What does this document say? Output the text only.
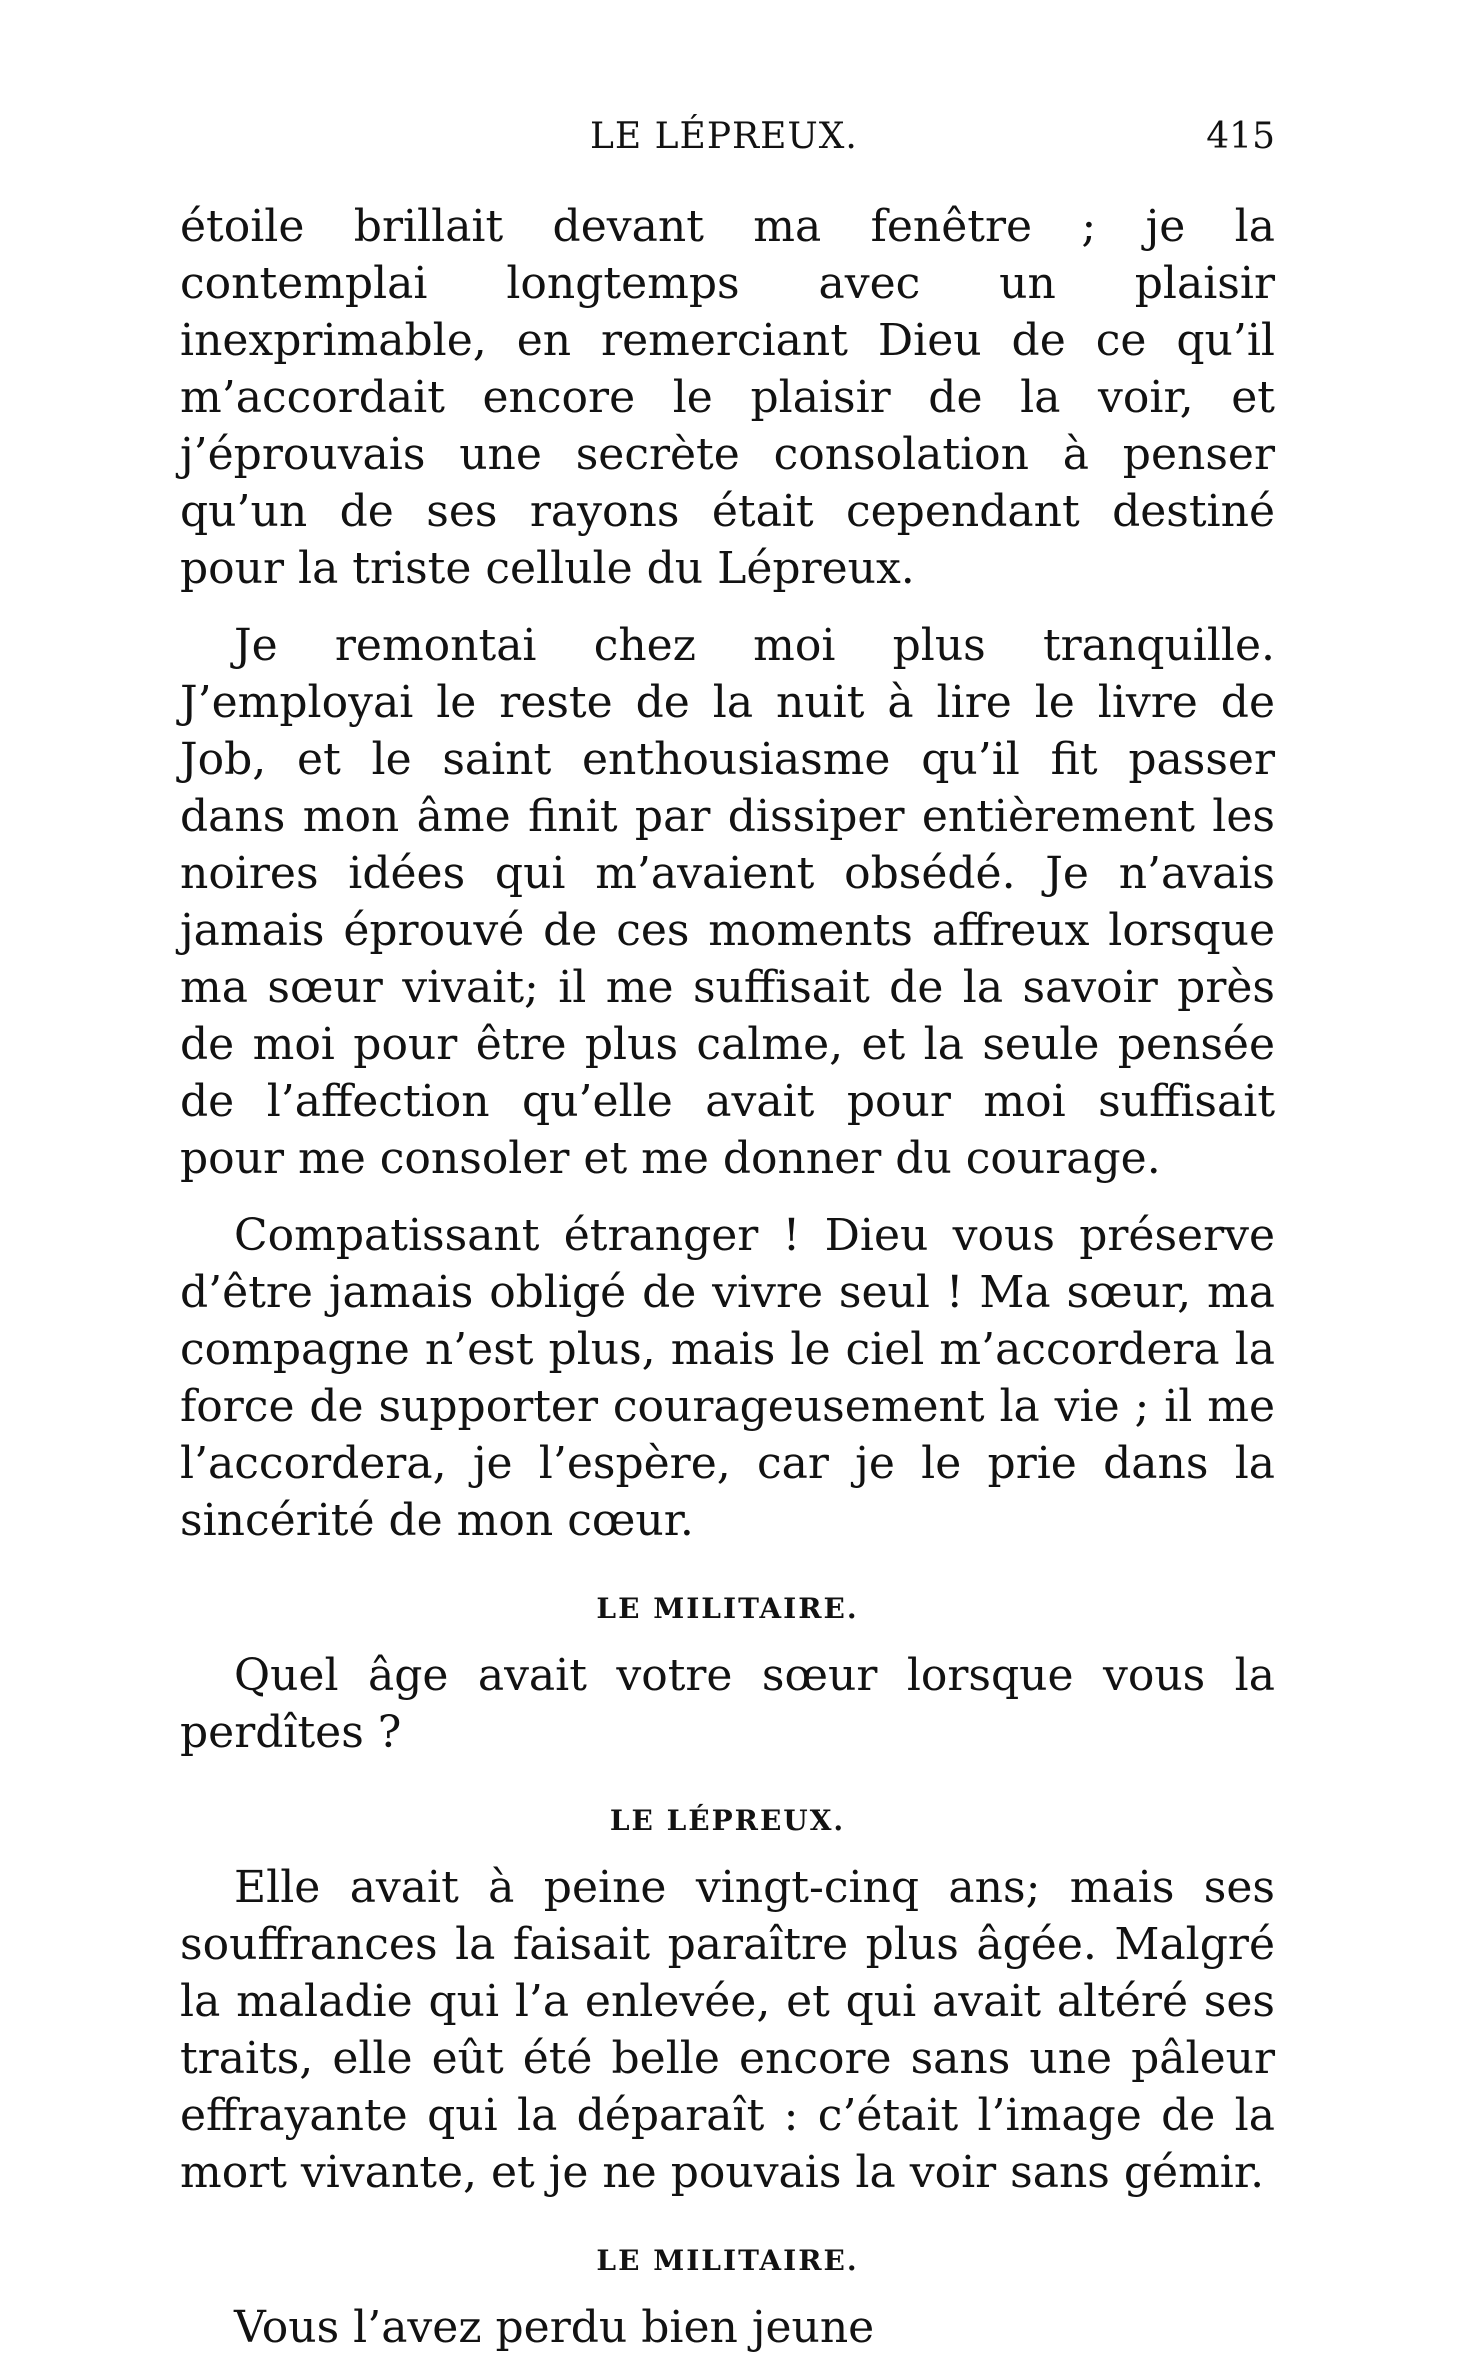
LE LÉPREUX.	415

étoile brillait devant ma fenêtre ; je la contemplai longtemps avec un plaisir inexprimable, en remerciant Dieu de ce qu’il m’accordait encore le plaisir de la voir, et j’éprouvais une secrète consolation à penser qu’un de ses rayons était cependant destiné pour la triste cellule du Lépreux.

Je remontai chez moi plus tranquille. J’employai le reste de la nuit à lire le livre de Job, et le saint enthousiasme qu’il fit passer dans mon âme finit par dissiper entièrement les noires idées qui m’avaient obsédé. Je n’avais jamais éprouvé de ces moments affreux lorsque ma sœur vivait; il me suffisait de la savoir près de moi pour être plus calme, et la seule pensée de l’affection qu’elle avait pour moi suffisait pour me consoler et me donner du courage.

Compatissant étranger ! Dieu vous préserve d’être jamais obligé de vivre seul ! Ma sœur, ma compagne n’est plus, mais le ciel m’accordera la force de supporter courageusement la vie ; il me l’accordera, je l’espère, car je le prie dans la sincérité de mon cœur.

LE MILITAIRE.

Quel âge avait votre sœur lorsque vous la perdîtes ?

LE LÉPREUX.

Elle avait à peine vingt-cinq ans; mais ses souffrances la faisait paraître plus âgée. Malgré la maladie qui l’a enlevée, et qui avait altéré ses traits, elle eût été belle encore sans une pâleur effrayante qui la déparaît : c’était l’image de la mort vivante, et je ne pouvais la voir sans gémir.

LE MILITAIRE.

Vous l’avez perdu bien jeune
